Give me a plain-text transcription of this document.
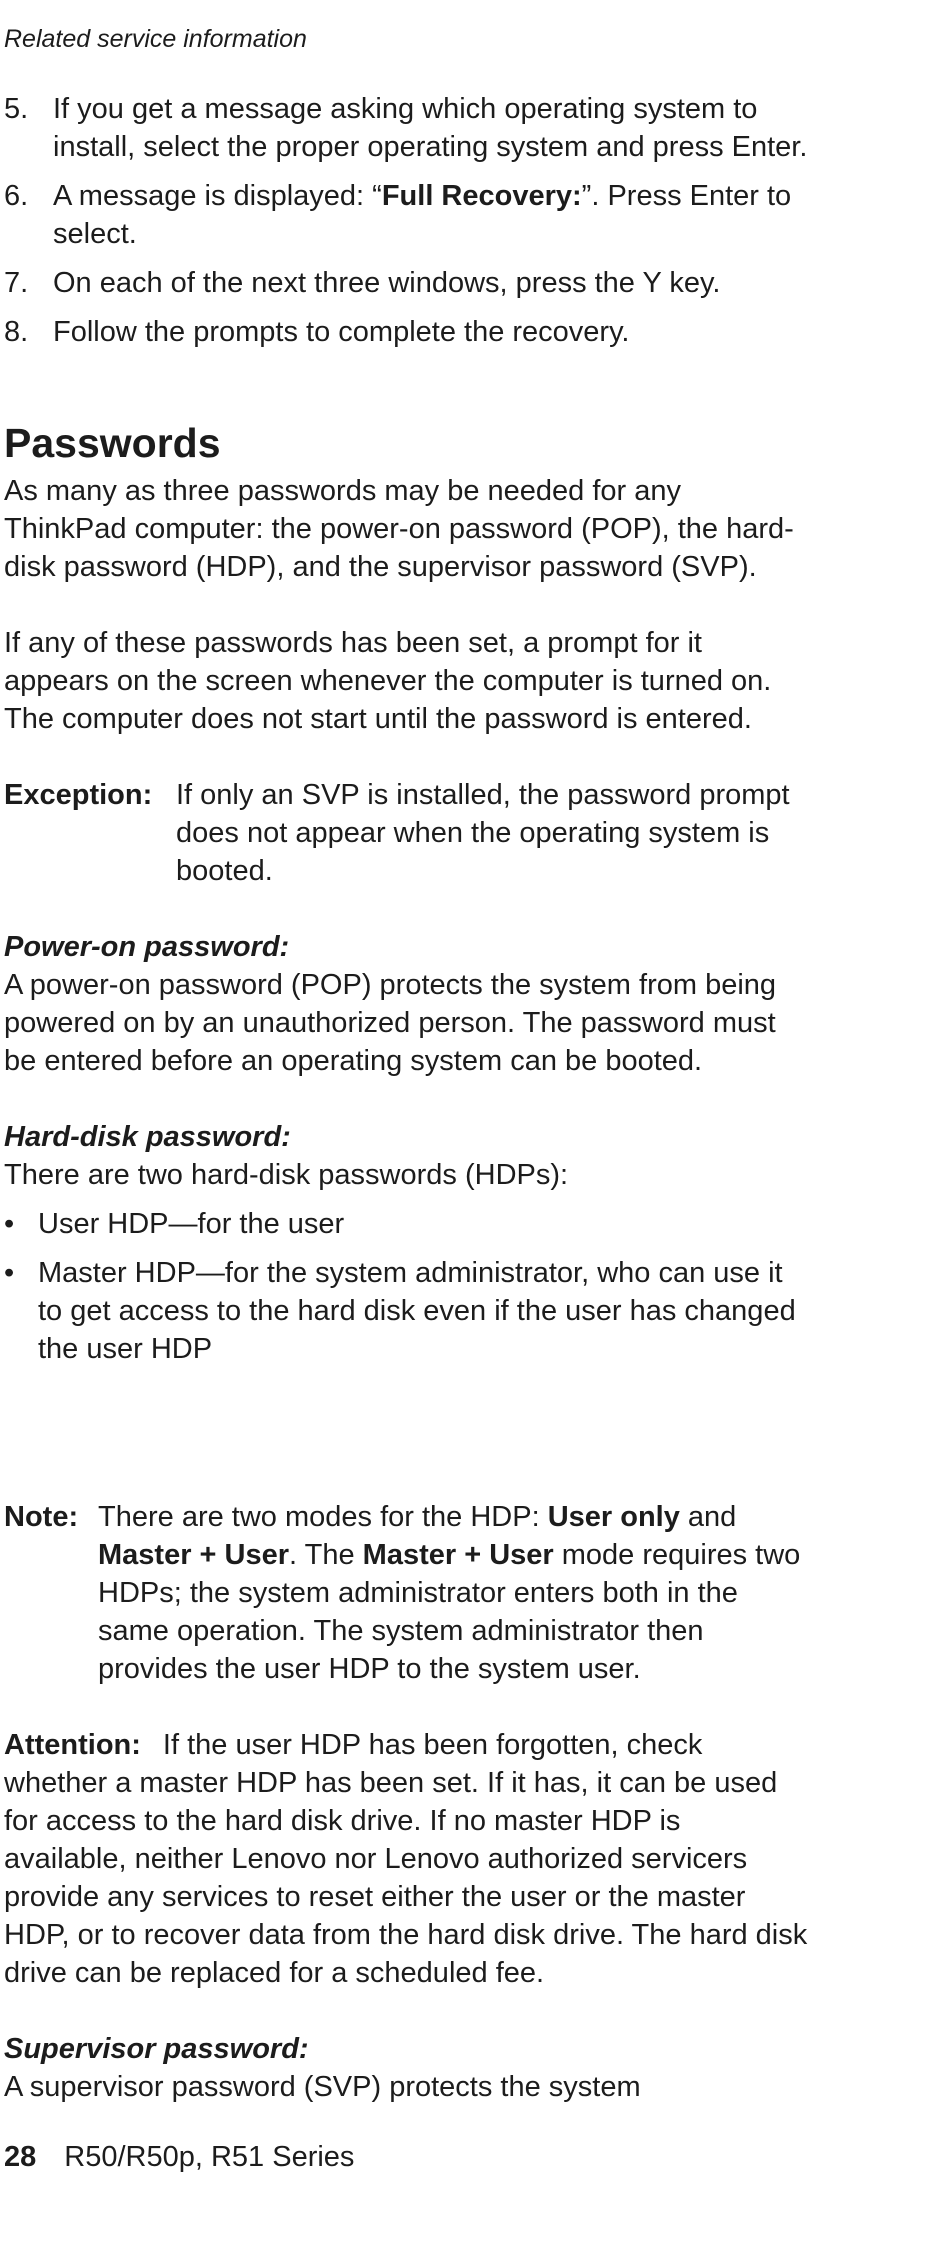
Related service information
5. If you get a message asking which operating system to install, select the proper operating system and press Enter.
6. A message is displayed: “Full Recovery:”. Press Enter to select.
7. On each of the next three windows, press the Y key.
8. Follow the prompts to complete the recovery.
Passwords

As many as three passwords may be needed for any ThinkPad computer: the power-on password (POP), the hard-disk password (HDP), and the supervisor password (SVP).

If any of these passwords has been set, a prompt for it appears on the screen whenever the computer is turned on. The computer does not start until the password is entered.

Exception: If only an SVP is installed, the password prompt does not appear when the operating system is booted.
Power-on password:
A power-on password (POP) protects the system from being powered on by an unauthorized person. The password must be entered before an operating system can be booted.
Hard-disk password:
There are two hard-disk passwords (HDPs):
• User HDP—for the user
• Master HDP—for the system administrator, who can use it to get access to the hard disk even if the user has changed the user HDP
Note: There are two modes for the HDP: User only and Master + User. The Master + User mode requires two HDPs; the system administrator enters both in the same operation. The system administrator then provides the user HDP to the system user.

Attention: If the user HDP has been forgotten, check whether a master HDP has been set. If it has, it can be used for access to the hard disk drive. If no master HDP is available, neither Lenovo nor Lenovo authorized servicers provide any services to reset either the user or the master HDP, or to recover data from the hard disk drive. The hard disk drive can be replaced for a scheduled fee.

Supervisor password:
A supervisor password (SVP) protects the system
28 R50/R50p, R51 Series
